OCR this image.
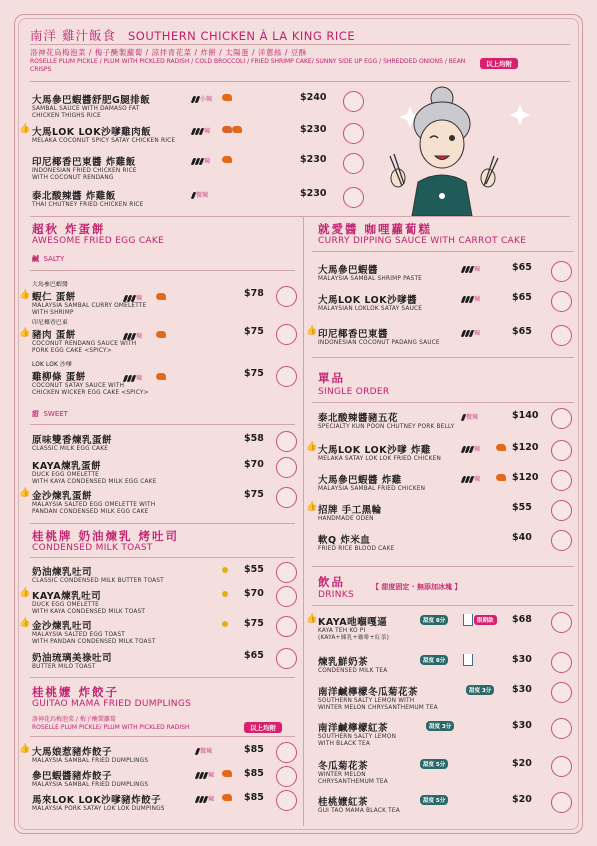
南洋 雞汁飯食 SOUTHERN CHICKEN À LA KING RICE
洛神花烏梅泡菜 / 梅子醃製蘿蔔 / 涼拌青花菜 / 炸餅 / 太陽蛋 / 洋蔥絲 / 豆酥
ROSELLE PLUM PICKLE / PLUM WITH PICKLED RADISH / COLD BROCCOLI / FRIED SHRIMP CAKE/ SUNNY SIDE UP EGG / SHREDDED ONIONS / BEAN CRISPS
以上均附
大馬參巴蝦醬舒肥G腿排飯
SAMBAL SAUCE WITH DAMASO FAT
CHICKEN THIGHS RICE
小辣	$240
大馬LOK LOK沙嗲雞肉飯
MELAKA COCONUT SPICY SATAY CHICKEN RICE
辣
👍	$230
印尼椰香巴東醬 炸雞飯
INDONESIAN FRIED CHICKEN RICE
WITH COCONUT RENDANG
辣	$230
泰北酸辣醬 炸雞飯
THAI CHUTNEY FRIED CHICKEN RICE
微辣	$230
超秋 炸蛋餅
AWESOME FRIED EGG CAKE
鹹 SALTY
大馬參巴蝦醬
蝦仁 蛋餅
MALAYSIA SAMBAL CURRY OMELETTE
WITH SHRIMP
👍	辣	$78
印尼椰香巴東
豬肉 蛋餅
COCONUT RENDANG SAUCE WITH
PORK EGG CAKE <SPICY>
👍	辣	$75
LOK LOK 沙嗲
雞柳條 蛋餅
COCONUT SATAY SAUCE WITH
CHICKEN WICKER EGG CAKE <SPICY>
辣	$75
甜 SWEET
原味雙香煉乳蛋餅
CLASSIC MILK EGG CAKE
$58
KAYA煉乳蛋餅
DUCK EGG OMELETTE
WITH KAYA CONDENSED MILK EGG CAKE
$70
金沙煉乳蛋餅
MALAYSIA SALTED EGG OMELETTE WITH
PANDAN CONDENSED MILK EGG CAKE
👍	$75
桂桃牌 奶油煉乳 烤吐司
CONDENSED MILK TOAST
奶油煉乳吐司
CLASSIC CONDENSED MILK BUTTER TOAST
$55
KAYA煉乳吐司
DUCK EGG OMELETTE
WITH KAYA CONDENSED MILK TOAST
👍	$70
金沙煉乳吐司
MALAYSIA SALTED EGG TOAST
WITH PANDAN CONDENSED MILK TOAST
👍	$75
奶油琉璃美祿吐司
BUTTER MILO TOAST
$65
桂桃嬤 炸餃子
GUITAO MAMA FRIED DUMPLINGS
洛神花烏梅泡菜 / 梅子醃製蘿蔔
ROSELLE PLUM PICKLE/ PLUM WITH PICKLED RADISH	以上均附
大馬娘惹豬炸餃子
MALAYSIA SAMBAL FRIED DUMPLINGS
👍	微辣	$85
參巴蝦醬豬炸餃子
MALAYSIA SAMBAL FRIED DUMPLINGS
辣	$85
馬來LOK LOK沙嗲豬炸餃子
MALAYSIA PORK SATAY LOK LOK DUMPINGS
辣	$85
就愛醬 咖哩蘿蔔糕
CURRY DIPPING SAUCE WITH CARROT CAKE
大馬參巴蝦醬
MALAYSIA SAMBAL SHRIMP PASTE
辣	$65
大馬LOK LOK沙嗲醬
MALAYSIAN LOKLOK SATAY SAUCE
辣	$65
印尼椰香巴東醬
INDONESIAN COCONUT PADANG SAUCE
👍	辣	$65
單品
SINGLE ORDER
泰北酸辣醬豬五花
SPECIALTY KUN POON CHUTNEY PORK BELLY
微辣	$140
大馬LOK LOK沙嗲 炸雞
MELAKA SATAY LOK LOK FRIED CHICKEN
👍	辣	$120
大馬參巴蝦醬 炸雞
MALAYSIA SAMBAL FRIED CHICKEN
辣	$120
招牌 手工黑輪
HANDMADE ODEN
👍	$55
軟Q 炸米血
FRIED RICE BLOOD CAKE
$40
飲品	【 甜度固定 · 無添加冰塊 】
DRINKS
KAYA吔嗰嘎逼
KAYA TEH KO PI
(KAYA+煉乳+咖啡+紅茶)
👍	甜度 8分	限期款	$68
煉乳鮮奶茶
CONDENSED MILK TEA
甜度 8分	$30
南洋鹹檸檬冬瓜菊花茶
SOUTHERN SALTY LEMON WITH
WINTER MELON CHRYSANTHEMUM TEA
甜度 3分	$30
南洋鹹檸檬紅茶
SOUTHERN SALTY LEMON
WITH BLACK TEA
甜度 3分	$30
冬瓜菊花茶
WINTER MELON
CHRYSANTHEMUM TEA
甜度 5分	$20
桂桃嬤紅茶
GUI TAO MAMA BLACK TEA
甜度 5分	$20
